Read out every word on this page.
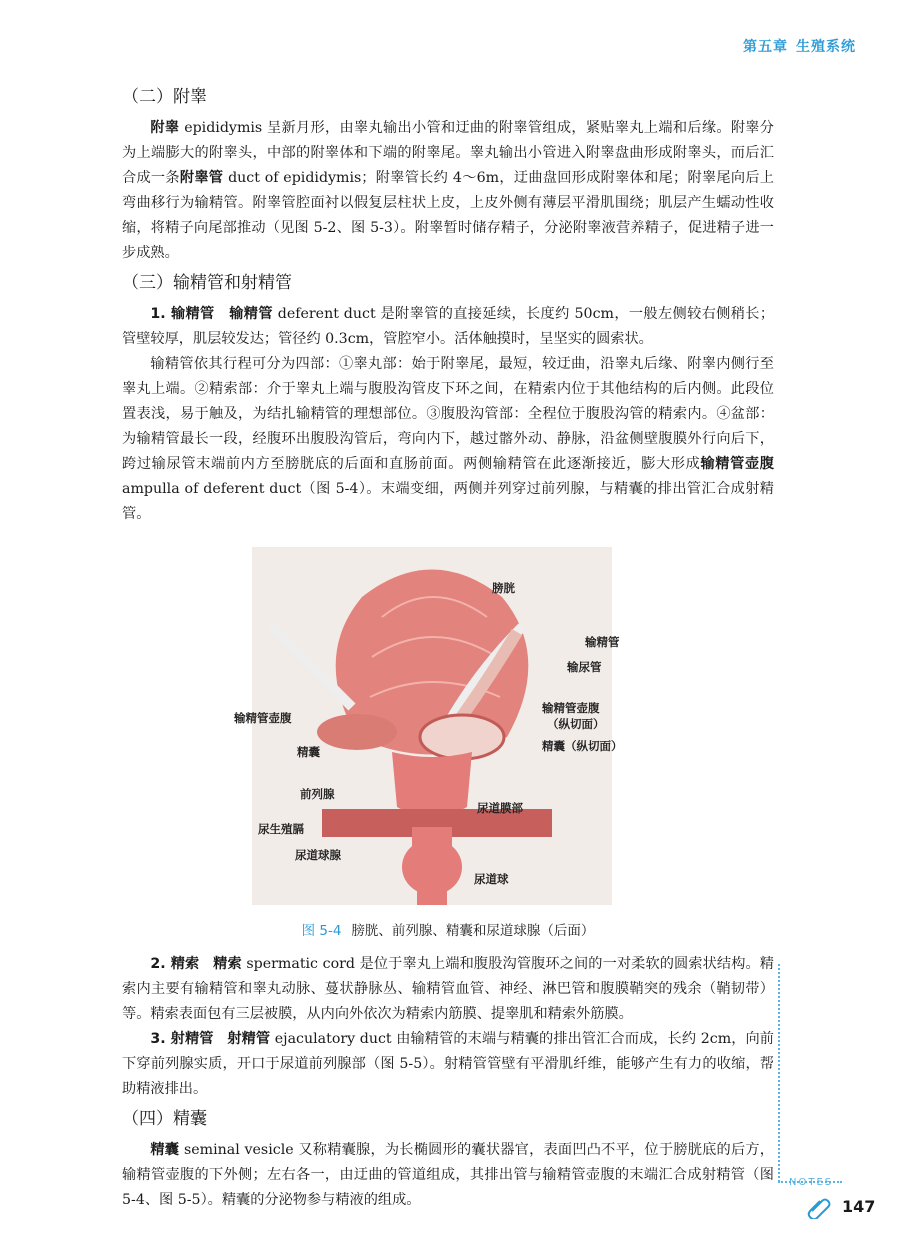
第五章 生殖系统
（二）附睾

附睾 epididymis 呈新月形，由睾丸输出小管和迂曲的附睾管组成，紧贴睾丸上端和后缘。附睾分为上端膨大的附睾头，中部的附睾体和下端的附睾尾。睾丸输出小管进入附睾盘曲形成附睾头，而后汇合成一条附睾管 duct of epididymis；附睾管长约 4～6m，迂曲盘回形成附睾体和尾；附睾尾向后上弯曲移行为输精管。附睾管腔面衬以假复层柱状上皮，上皮外侧有薄层平滑肌围绕；肌层产生蠕动性收缩，将精子向尾部推动（见图 5-2、图 5-3）。附睾暂时储存精子，分泌附睾液营养精子，促进精子进一步成熟。

（三）输精管和射精管

1. 输精管 输精管 deferent duct 是附睾管的直接延续，长度约 50cm，一般左侧较右侧稍长；管壁较厚，肌层较发达；管径约 0.3cm，管腔窄小。活体触摸时，呈坚实的圆索状。

输精管依其行程可分为四部：①睾丸部：始于附睾尾，最短，较迂曲，沿睾丸后缘、附睾内侧行至睾丸上端。②精索部：介于睾丸上端与腹股沟管皮下环之间，在精索内位于其他结构的后内侧。此段位置表浅，易于触及，为结扎输精管的理想部位。③腹股沟管部：全程位于腹股沟管的精索内。④盆部：为输精管最长一段，经腹环出腹股沟管后，弯向内下，越过髂外动、静脉，沿盆侧壁腹膜外行向后下，跨过输尿管末端前内方至膀胱底的后面和直肠前面。两侧输精管在此逐渐接近，膨大形成输精管壶腹 ampulla of deferent duct（图 5-4）。末端变细，两侧并列穿过前列腺，与精囊的排出管汇合成射精管。

膀胱
输精管
输尿管
输精管壶腹
输精管壶腹
（纵切面）
精囊	精囊（纵切面）
前列腺
尿道膜部
尿生殖膈
尿道球腺
尿道球
图 5-4 膀胱、前列腺、精囊和尿道球腺（后面）

2. 精索 精索 spermatic cord 是位于睾丸上端和腹股沟管腹环之间的一对柔软的圆索状结构。精索内主要有输精管和睾丸动脉、蔓状静脉丛、输精管血管、神经、淋巴管和腹膜鞘突的残余（鞘韧带）等。精索表面包有三层被膜，从内向外依次为精索内筋膜、提睾肌和精索外筋膜。

3. 射精管 射精管 ejaculatory duct 由输精管的末端与精囊的排出管汇合而成，长约 2cm，向前下穿前列腺实质，开口于尿道前列腺部（图 5-5）。射精管管壁有平滑肌纤维，能够产生有力的收缩，帮助精液排出。

（四）精囊

精囊 seminal vesicle 又称精囊腺，为长椭圆形的囊状器官，表面凹凸不平，位于膀胱底的后方，输精管壶腹的下外侧；左右各一，由迂曲的管道组成，其排出管与输精管壶腹的末端汇合成射精管（图 5-4、图 5-5）。精囊的分泌物参与精液的组成。

NOTES
147
